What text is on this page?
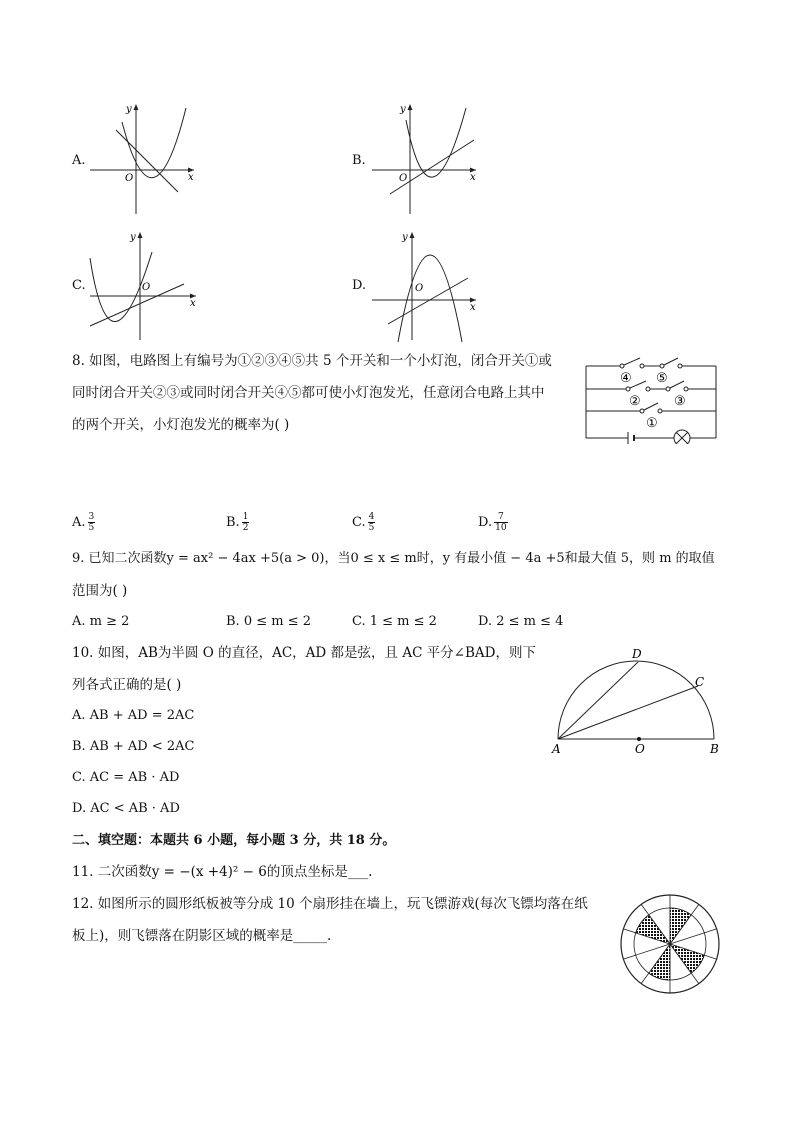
A.
y
x
O
B.
y
x
O
C.
y
x
O	D.
y
x
O
8. 如图，电路图上有编号为①②③④⑤共 5 个开关和一个小灯泡，闭合开关①或
同时闭合开关②③或同时闭合开关④⑤都可使小灯泡发光，任意闭合电路上其中
的两个开关，小灯泡发光的概率为( )
④ ⑤
②	③
①
A. $\frac{3}{5}$	B. $\frac{1}{2}$	C. $\frac{4}{5}$	D. $\frac{7}{10}$
9. 已知二次函数y = ax² − 4ax +5(a > 0)，当0 ≤ x ≤ m时，y 有最小值 − 4a +5和最大值 5，则 m 的取值
范围为( )
A. m ≥ 2	B. 0 ≤ m ≤ 2	C. 1 ≤ m ≤ 2	D. 2 ≤ m ≤ 4
10. 如图，AB为半圆 O 的直径，AC，AD 都是弦，且 AC 平分∠BAD，则下
列各式正确的是( )
A. AB + AD = 2AC
B. AB + AD < 2AC
C. AC = AB · AD
D. AC < AB · AD
A	B
C
D
O
二、填空题：本题共 6 小题，每小题 3 分，共 18 分。
11. 二次函数y = −(x +4)² − 6的顶点坐标是___.
12. 如图所示的圆形纸板被等分成 10 个扇形挂在墙上，玩飞镖游戏(每次飞镖均落在纸
板上)，则飞镖落在阴影区域的概率是_____.
